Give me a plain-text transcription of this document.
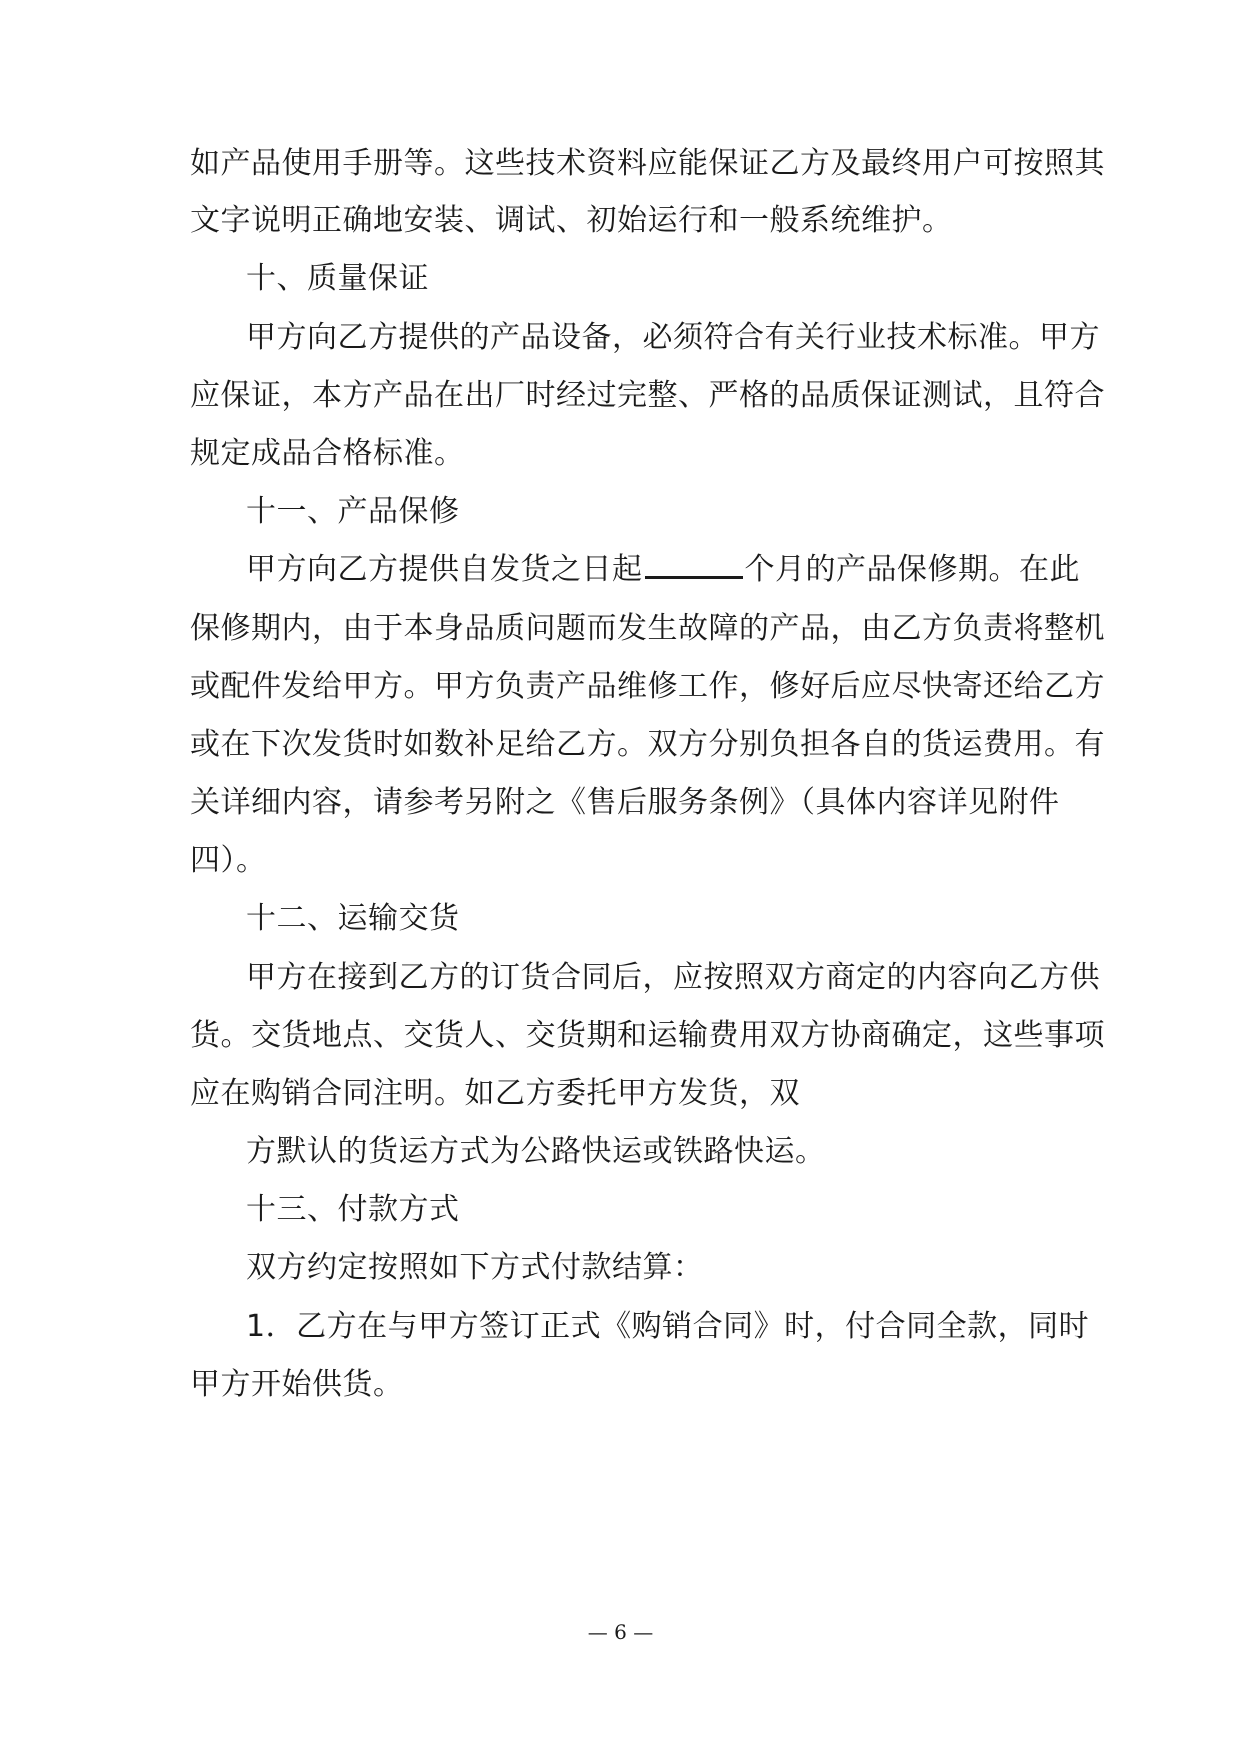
如产品使用手册等。这些技术资料应能保证乙方及最终用户可按照其
文字说明正确地安装、调试、初始运行和一般系统维护。
十、质量保证
甲方向乙方提供的产品设备，必须符合有关行业技术标准。甲方
应保证，本方产品在出厂时经过完整、严格的品质保证测试，且符合
规定成品合格标准。
十一、产品保修
甲方向乙方提供自发货之日起	个月的产品保修期。在此
保修期内，由于本身品质问题而发生故障的产品，由乙方负责将整机
或配件发给甲方。甲方负责产品维修工作，修好后应尽快寄还给乙方
或在下次发货时如数补足给乙方。双方分别负担各自的货运费用。有
关详细内容，请参考另附之《售后服务条例》（具体内容详见附件
四）。
十二、运输交货
甲方在接到乙方的订货合同后，应按照双方商定的内容向乙方供
货。交货地点、交货人、交货期和运输费用双方协商确定，这些事项
应在购销合同注明。如乙方委托甲方发货，双
方默认的货运方式为公路快运或铁路快运。
十三、付款方式
双方约定按照如下方式付款结算：
1．乙方在与甲方签订正式《购销合同》时，付合同全款，同时
甲方开始供货。
— 6 —
